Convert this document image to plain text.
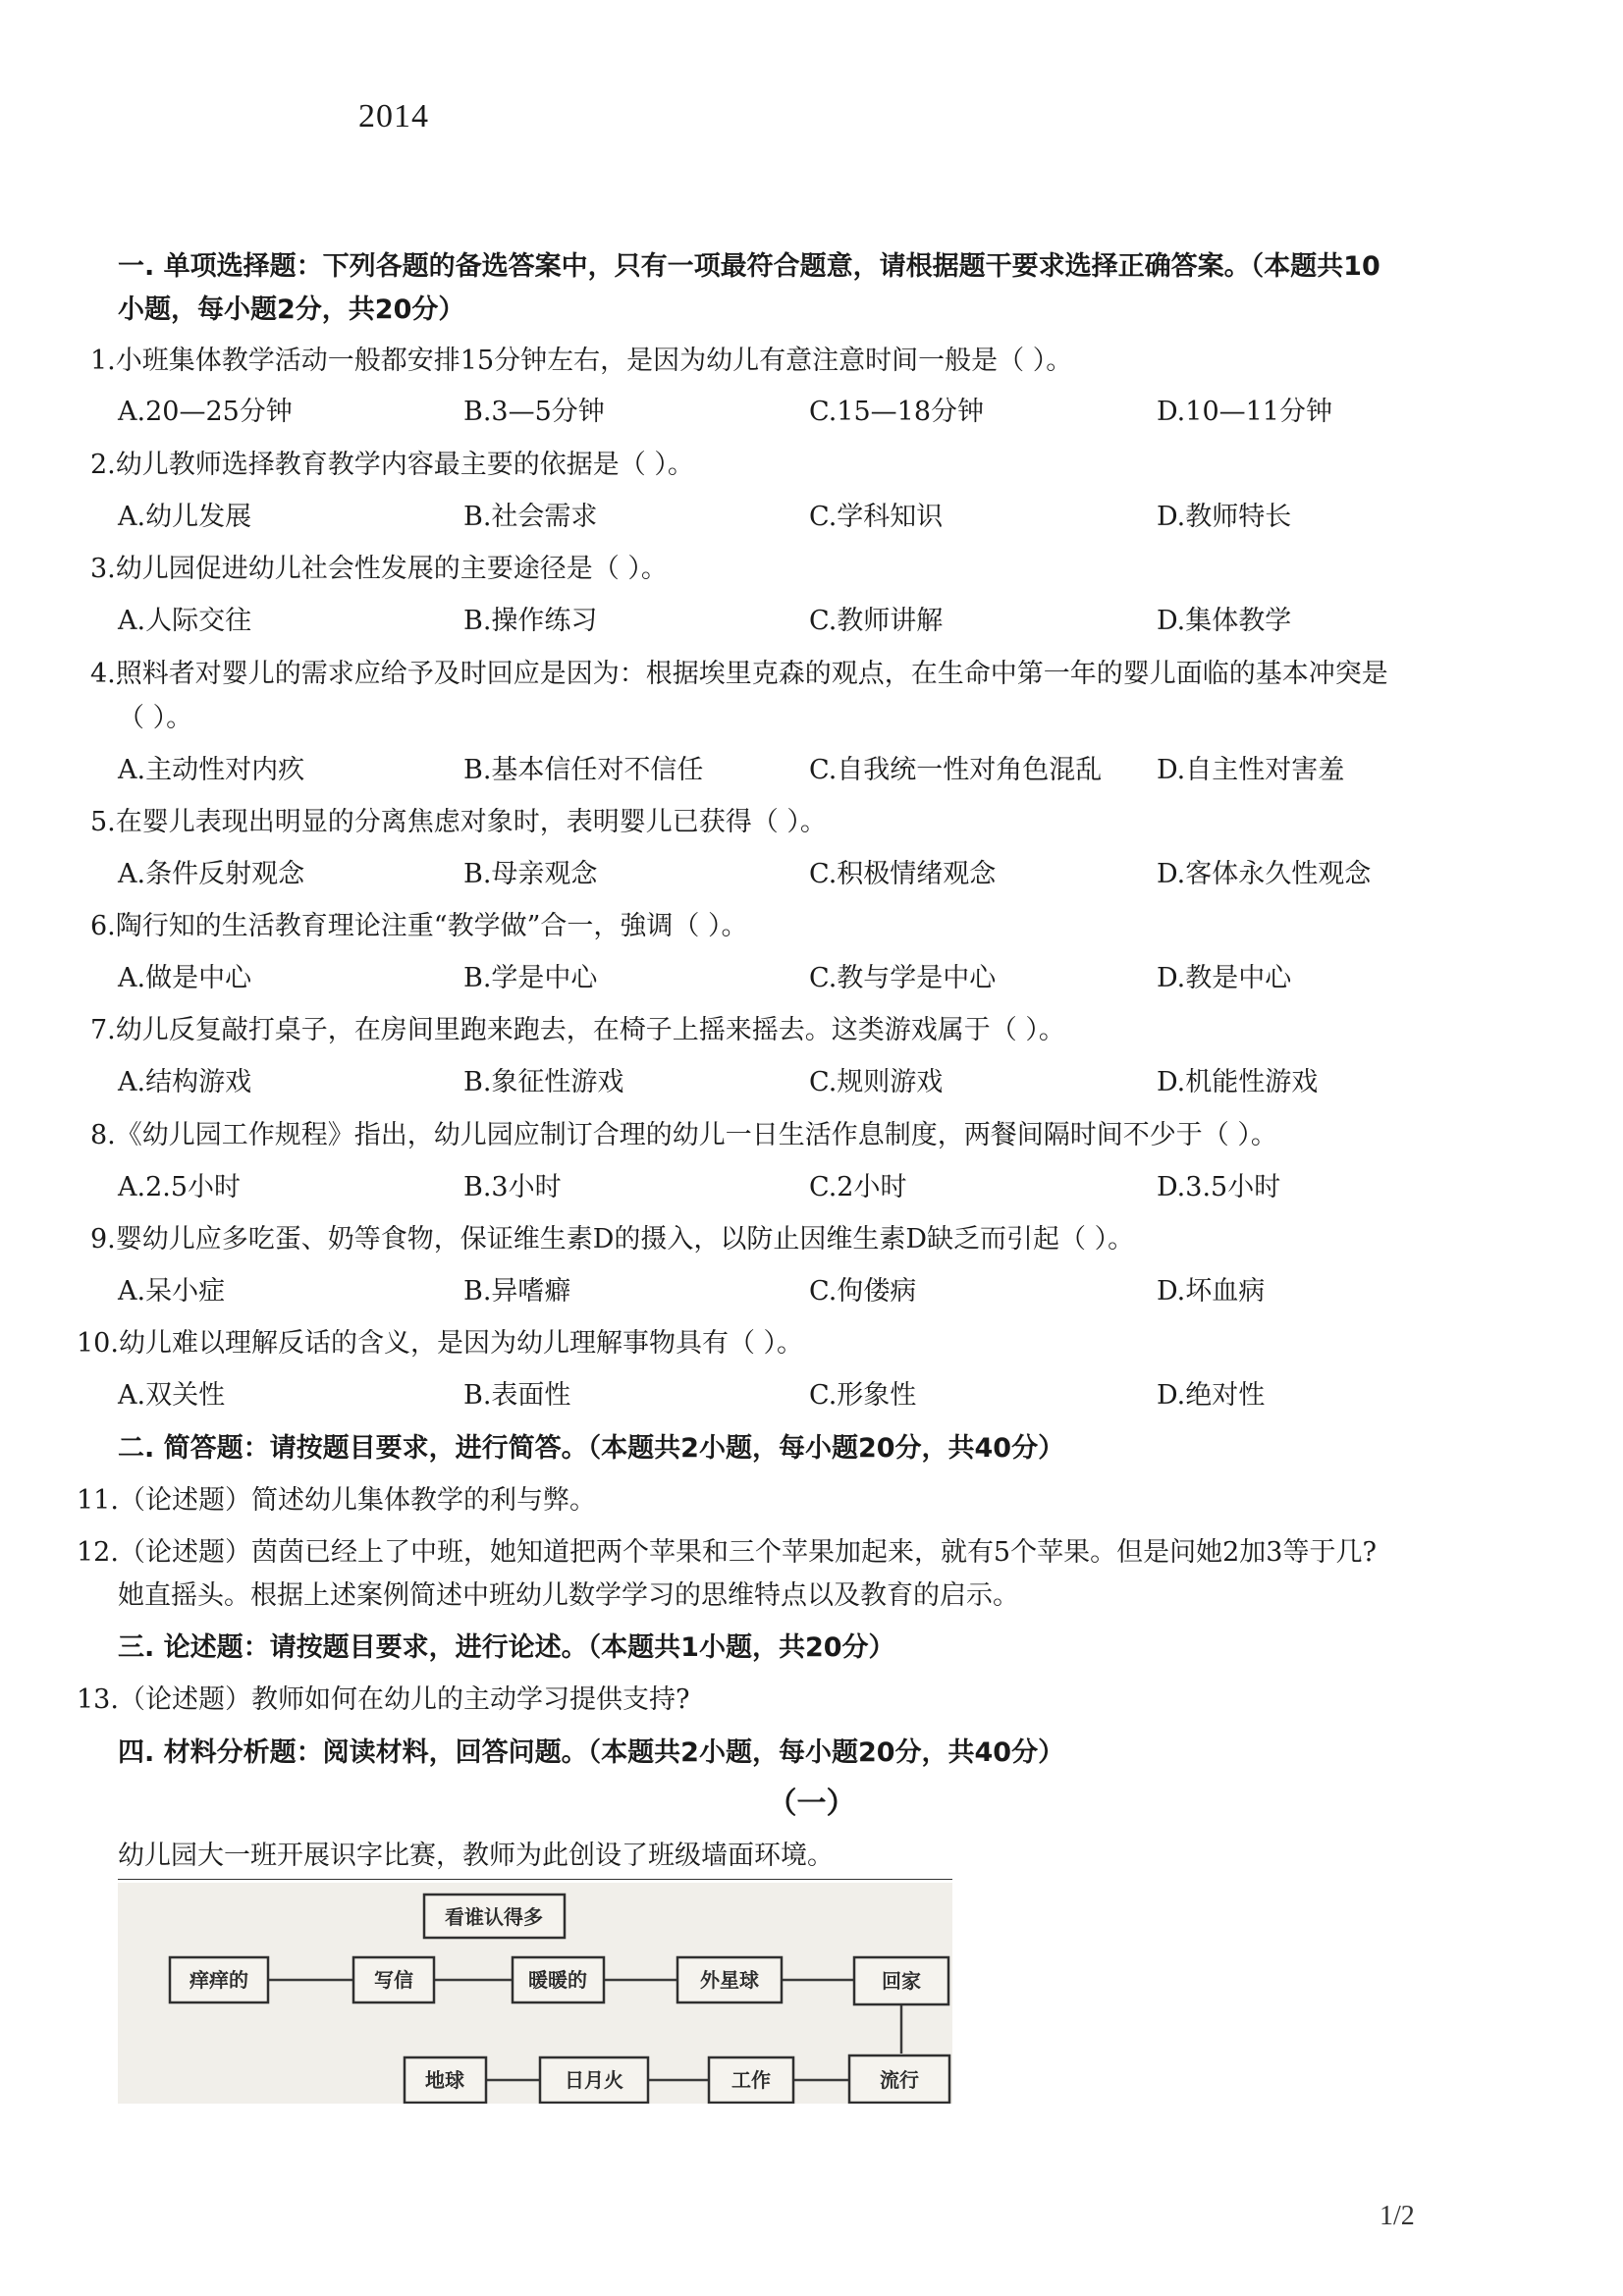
2014
一. 单项选择题：下列各题的备选答案中，只有一项最符合题意，请根据题干要求选择正确答案。（本题共10
小题，每小题2分，共20分）
1.小班集体教学活动一般都安排15分钟左右，是因为幼儿有意注意时间一般是（ ）。
A.20—25分钟	B.3—5分钟	C.15—18分钟	D.10—11分钟
2.幼儿教师选择教育教学内容最主要的依据是（ ）。
A.幼儿发展	B.社会需求	C.学科知识	D.教师特长
3.幼儿园促进幼儿社会性发展的主要途径是（ ）。
A.人际交往	B.操作练习	C.教师讲解	D.集体教学
4.照料者对婴儿的需求应给予及时回应是因为：根据埃里克森的观点，在生命中第一年的婴儿面临的基本冲突是
（ ）。
A.主动性对内疚	B.基本信任对不信任	C.自我统一性对角色混乱 D.自主性对害羞
5.在婴儿表现出明显的分离焦虑对象时，表明婴儿已获得（ ）。
A.条件反射观念	B.母亲观念	C.积极情绪观念	D.客体永久性观念
6.陶行知的生活教育理论注重“教学做”合一，強调（ ）。
A.做是中心	B.学是中心	C.教与学是中心	D.教是中心
7.幼儿反复敲打桌子，在房间里跑来跑去，在椅子上摇来摇去。这类游戏属于（ ）。
A.结构游戏	B.象征性游戏	C.规则游戏	D.机能性游戏
8.《幼儿园工作规程》指出，幼儿园应制订合理的幼儿一日生活作息制度，两餐间隔时间不少于（ ）。
A.2.5小时	B.3小时	C.2小时	D.3.5小时
9.婴幼儿应多吃蛋、奶等食物，保证维生素D的摄入，以防止因维生素D缺乏而引起（ ）。
A.呆小症	B.异嗜癖	C.佝偻病	D.坏血病
10.幼儿难以理解反话的含义，是因为幼儿理解事物具有（ ）。
A.双关性	B.表面性	C.形象性	D.绝对性
二. 简答题：请按题目要求，进行简答。（本题共2小题，每小题20分，共40分）
11.（论述题）简述幼儿集体教学的利与弊。
12.（论述题）茵茵已经上了中班，她知道把两个苹果和三个苹果加起来，就有5个苹果。但是问她2加3等于几?
她直摇头。根据上述案例简述中班幼儿数学学习的思维特点以及教育的启示。
三. 论述题：请按题目要求，进行论述。（本题共1小题，共20分）
13.（论述题）教师如何在幼儿的主动学习提供支持?
四. 材料分析题：阅读材料，回答问题。（本题共2小题，每小题20分，共40分）
（一）
幼儿园大一班开展识字比赛，教师为此创设了班级墙面环境。
看谁认得多
痒痒的	写信	暖暖的	外星球	回家
地球	日月火	工作	流行
1/2
